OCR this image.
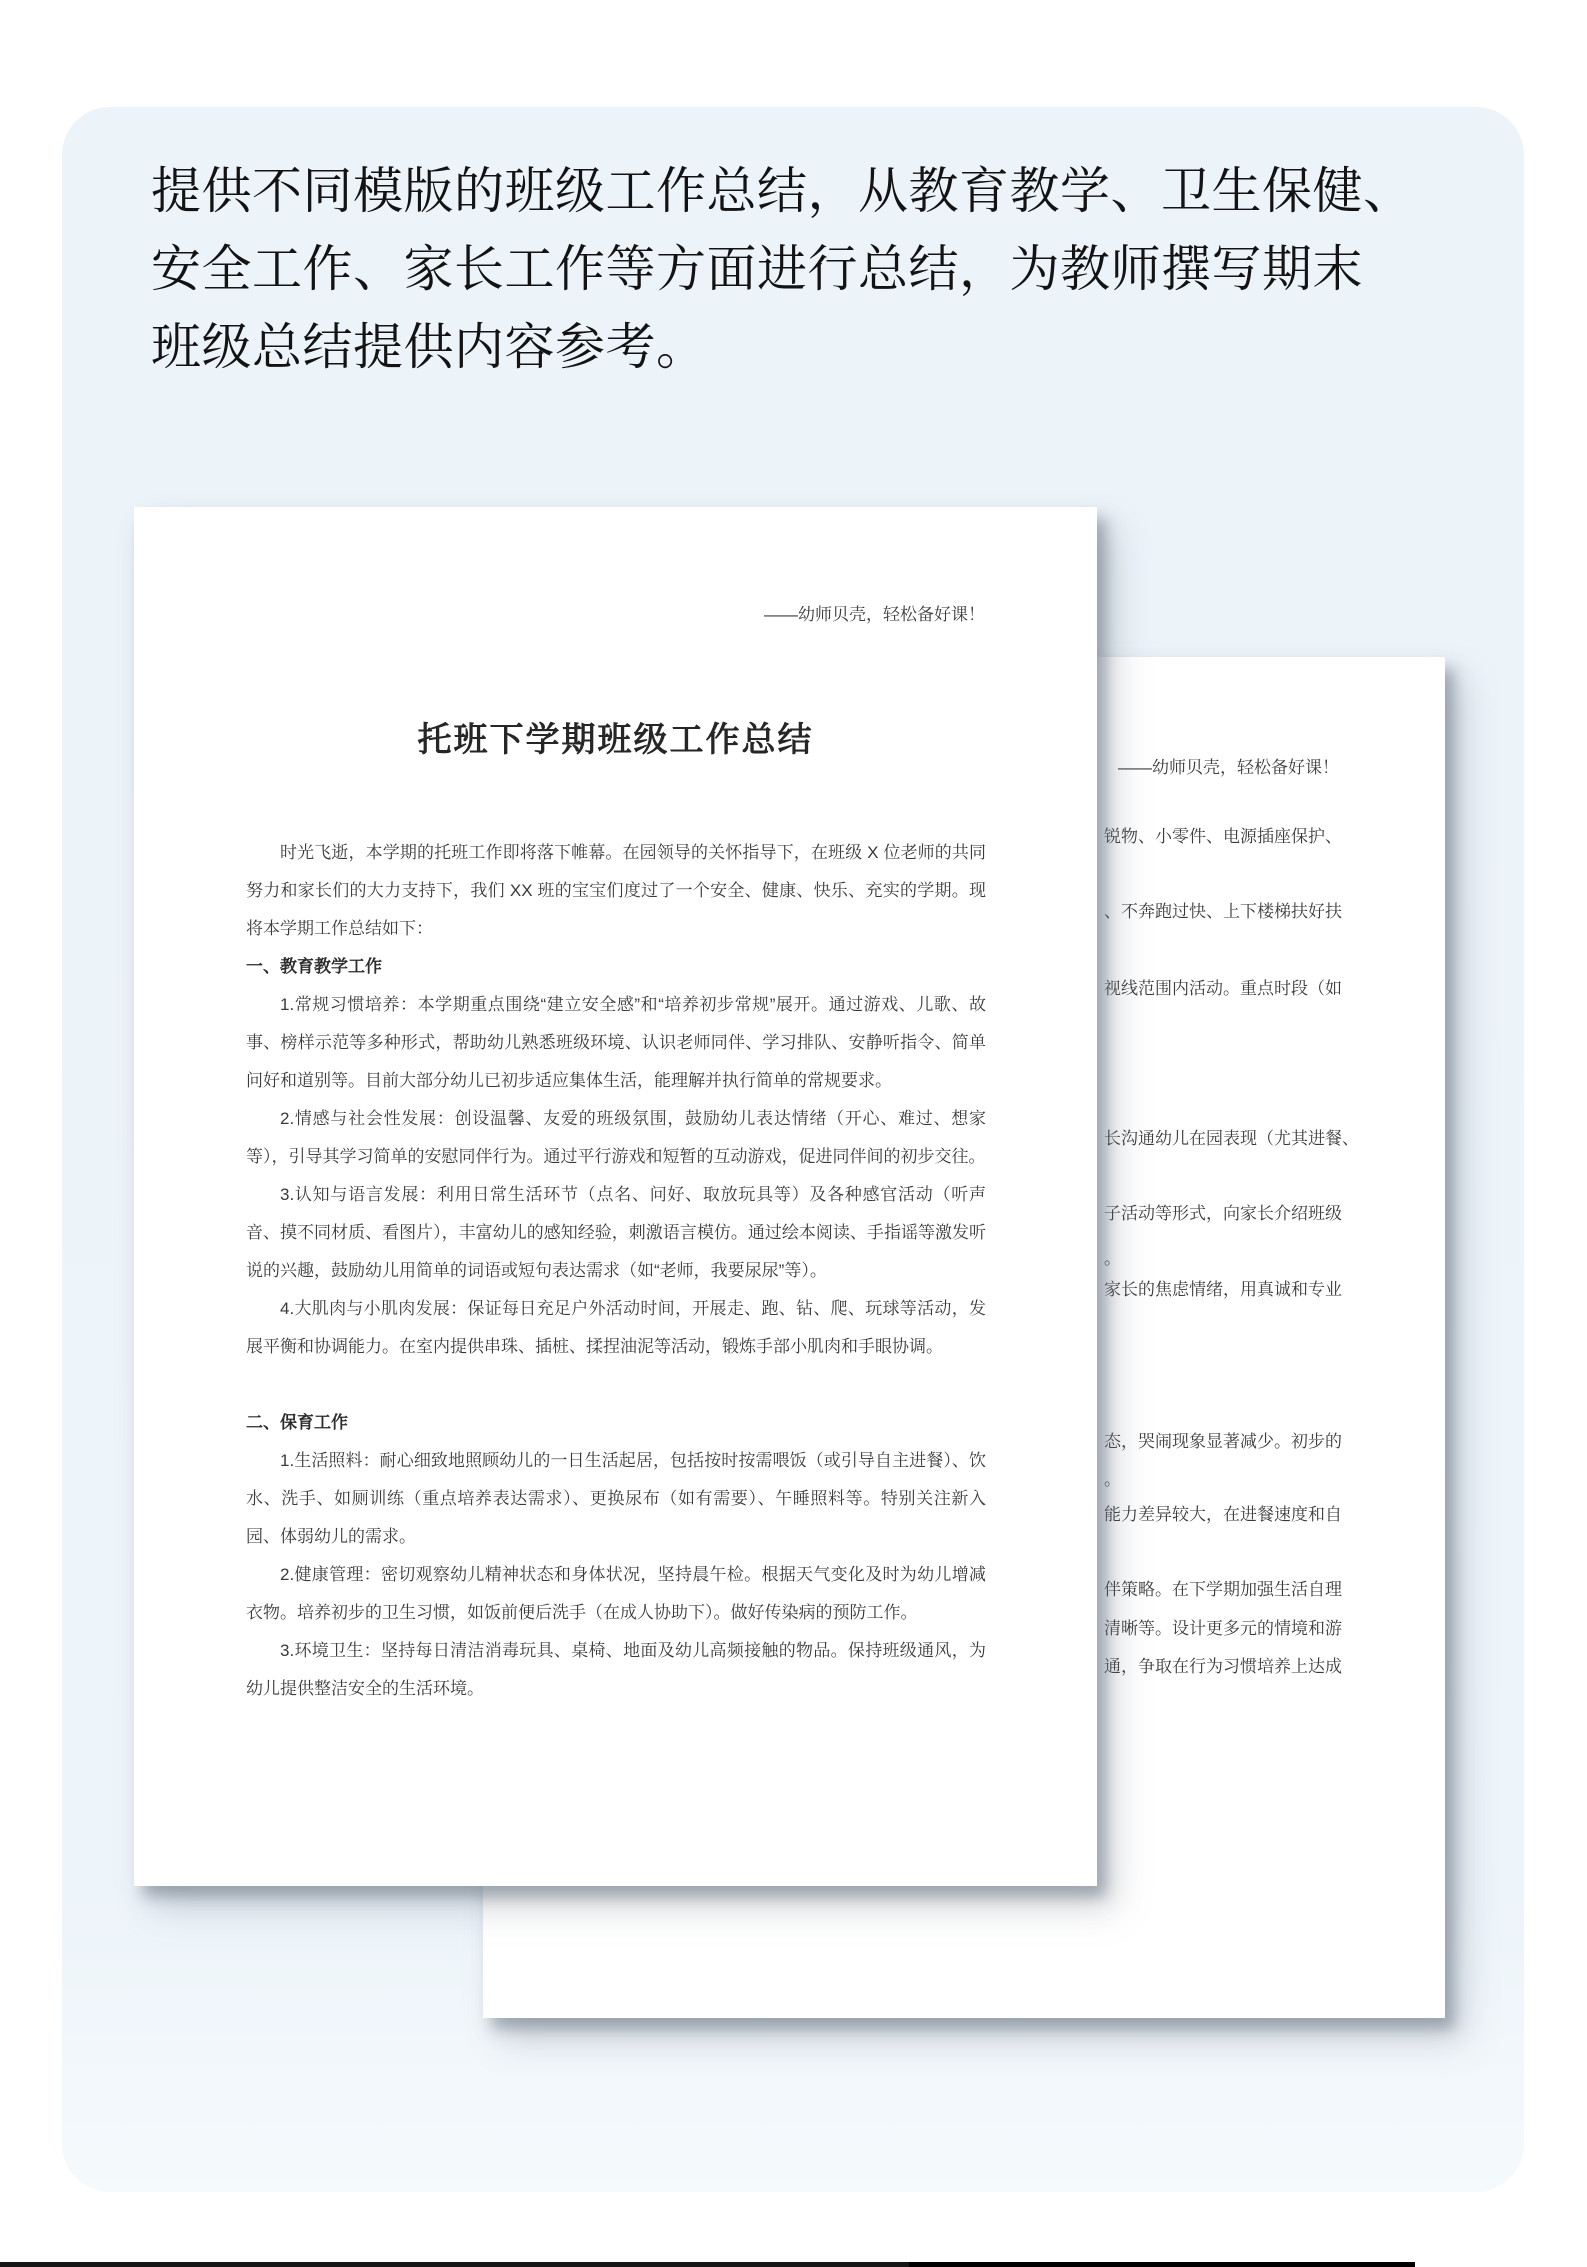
提供不同模版的班级工作总结，从教育教学、卫生保健、
安全工作、家长工作等方面进行总结，为教师撰写期末
班级总结提供内容参考。
——幼师贝壳，轻松备好课！
锐物、小零件、电源插座保护、
、不奔跑过快、上下楼梯扶好扶
视线范围内活动。重点时段（如
长沟通幼儿在园表现（尤其进餐、
子活动等形式，向家长介绍班级
。
家长的焦虑情绪，用真诚和专业
态，哭闹现象显著减少。初步的
。
能力差异较大，在进餐速度和自
伴策略。在下学期加强生活自理
清晰等。设计更多元的情境和游
通，争取在行为习惯培养上达成
——幼师贝壳，轻松备好课！
托班下学期班级工作总结

时光飞逝，本学期的托班工作即将落下帷幕。在园领导的关怀指导下，在班级 X 位老师的共同努力和家长们的大力支持下，我们 XX 班的宝宝们度过了一个安全、健康、快乐、充实的学期。现将本学期工作总结如下：

一、教育教学工作

1.常规习惯培养：本学期重点围绕“建立安全感”和“培养初步常规”展开。通过游戏、儿歌、故事、榜样示范等多种形式，帮助幼儿熟悉班级环境、认识老师同伴、学习排队、安静听指令、简单问好和道别等。目前大部分幼儿已初步适应集体生活，能理解并执行简单的常规要求。

2.情感与社会性发展：创设温馨、友爱的班级氛围，鼓励幼儿表达情绪（开心、难过、想家等），引导其学习简单的安慰同伴行为。通过平行游戏和短暂的互动游戏，促进同伴间的初步交往。

3.认知与语言发展：利用日常生活环节（点名、问好、取放玩具等）及各种感官活动（听声音、摸不同材质、看图片），丰富幼儿的感知经验，刺激语言模仿。通过绘本阅读、手指谣等激发听说的兴趣，鼓励幼儿用简单的词语或短句表达需求（如“老师，我要尿尿”等）。

4.大肌肉与小肌肉发展：保证每日充足户外活动时间，开展走、跑、钻、爬、玩球等活动，发展平衡和协调能力。在室内提供串珠、插桩、揉捏油泥等活动，锻炼手部小肌肉和手眼协调。

二、保育工作

1.生活照料：耐心细致地照顾幼儿的一日生活起居，包括按时按需喂饭（或引导自主进餐）、饮水、洗手、如厕训练（重点培养表达需求）、更换尿布（如有需要）、午睡照料等。特别关注新入园、体弱幼儿的需求。

2.健康管理：密切观察幼儿精神状态和身体状况，坚持晨午检。根据天气变化及时为幼儿增减衣物。培养初步的卫生习惯，如饭前便后洗手（在成人协助下）。做好传染病的预防工作。

3.环境卫生：坚持每日清洁消毒玩具、桌椅、地面及幼儿高频接触的物品。保持班级通风，为幼儿提供整洁安全的生活环境。
